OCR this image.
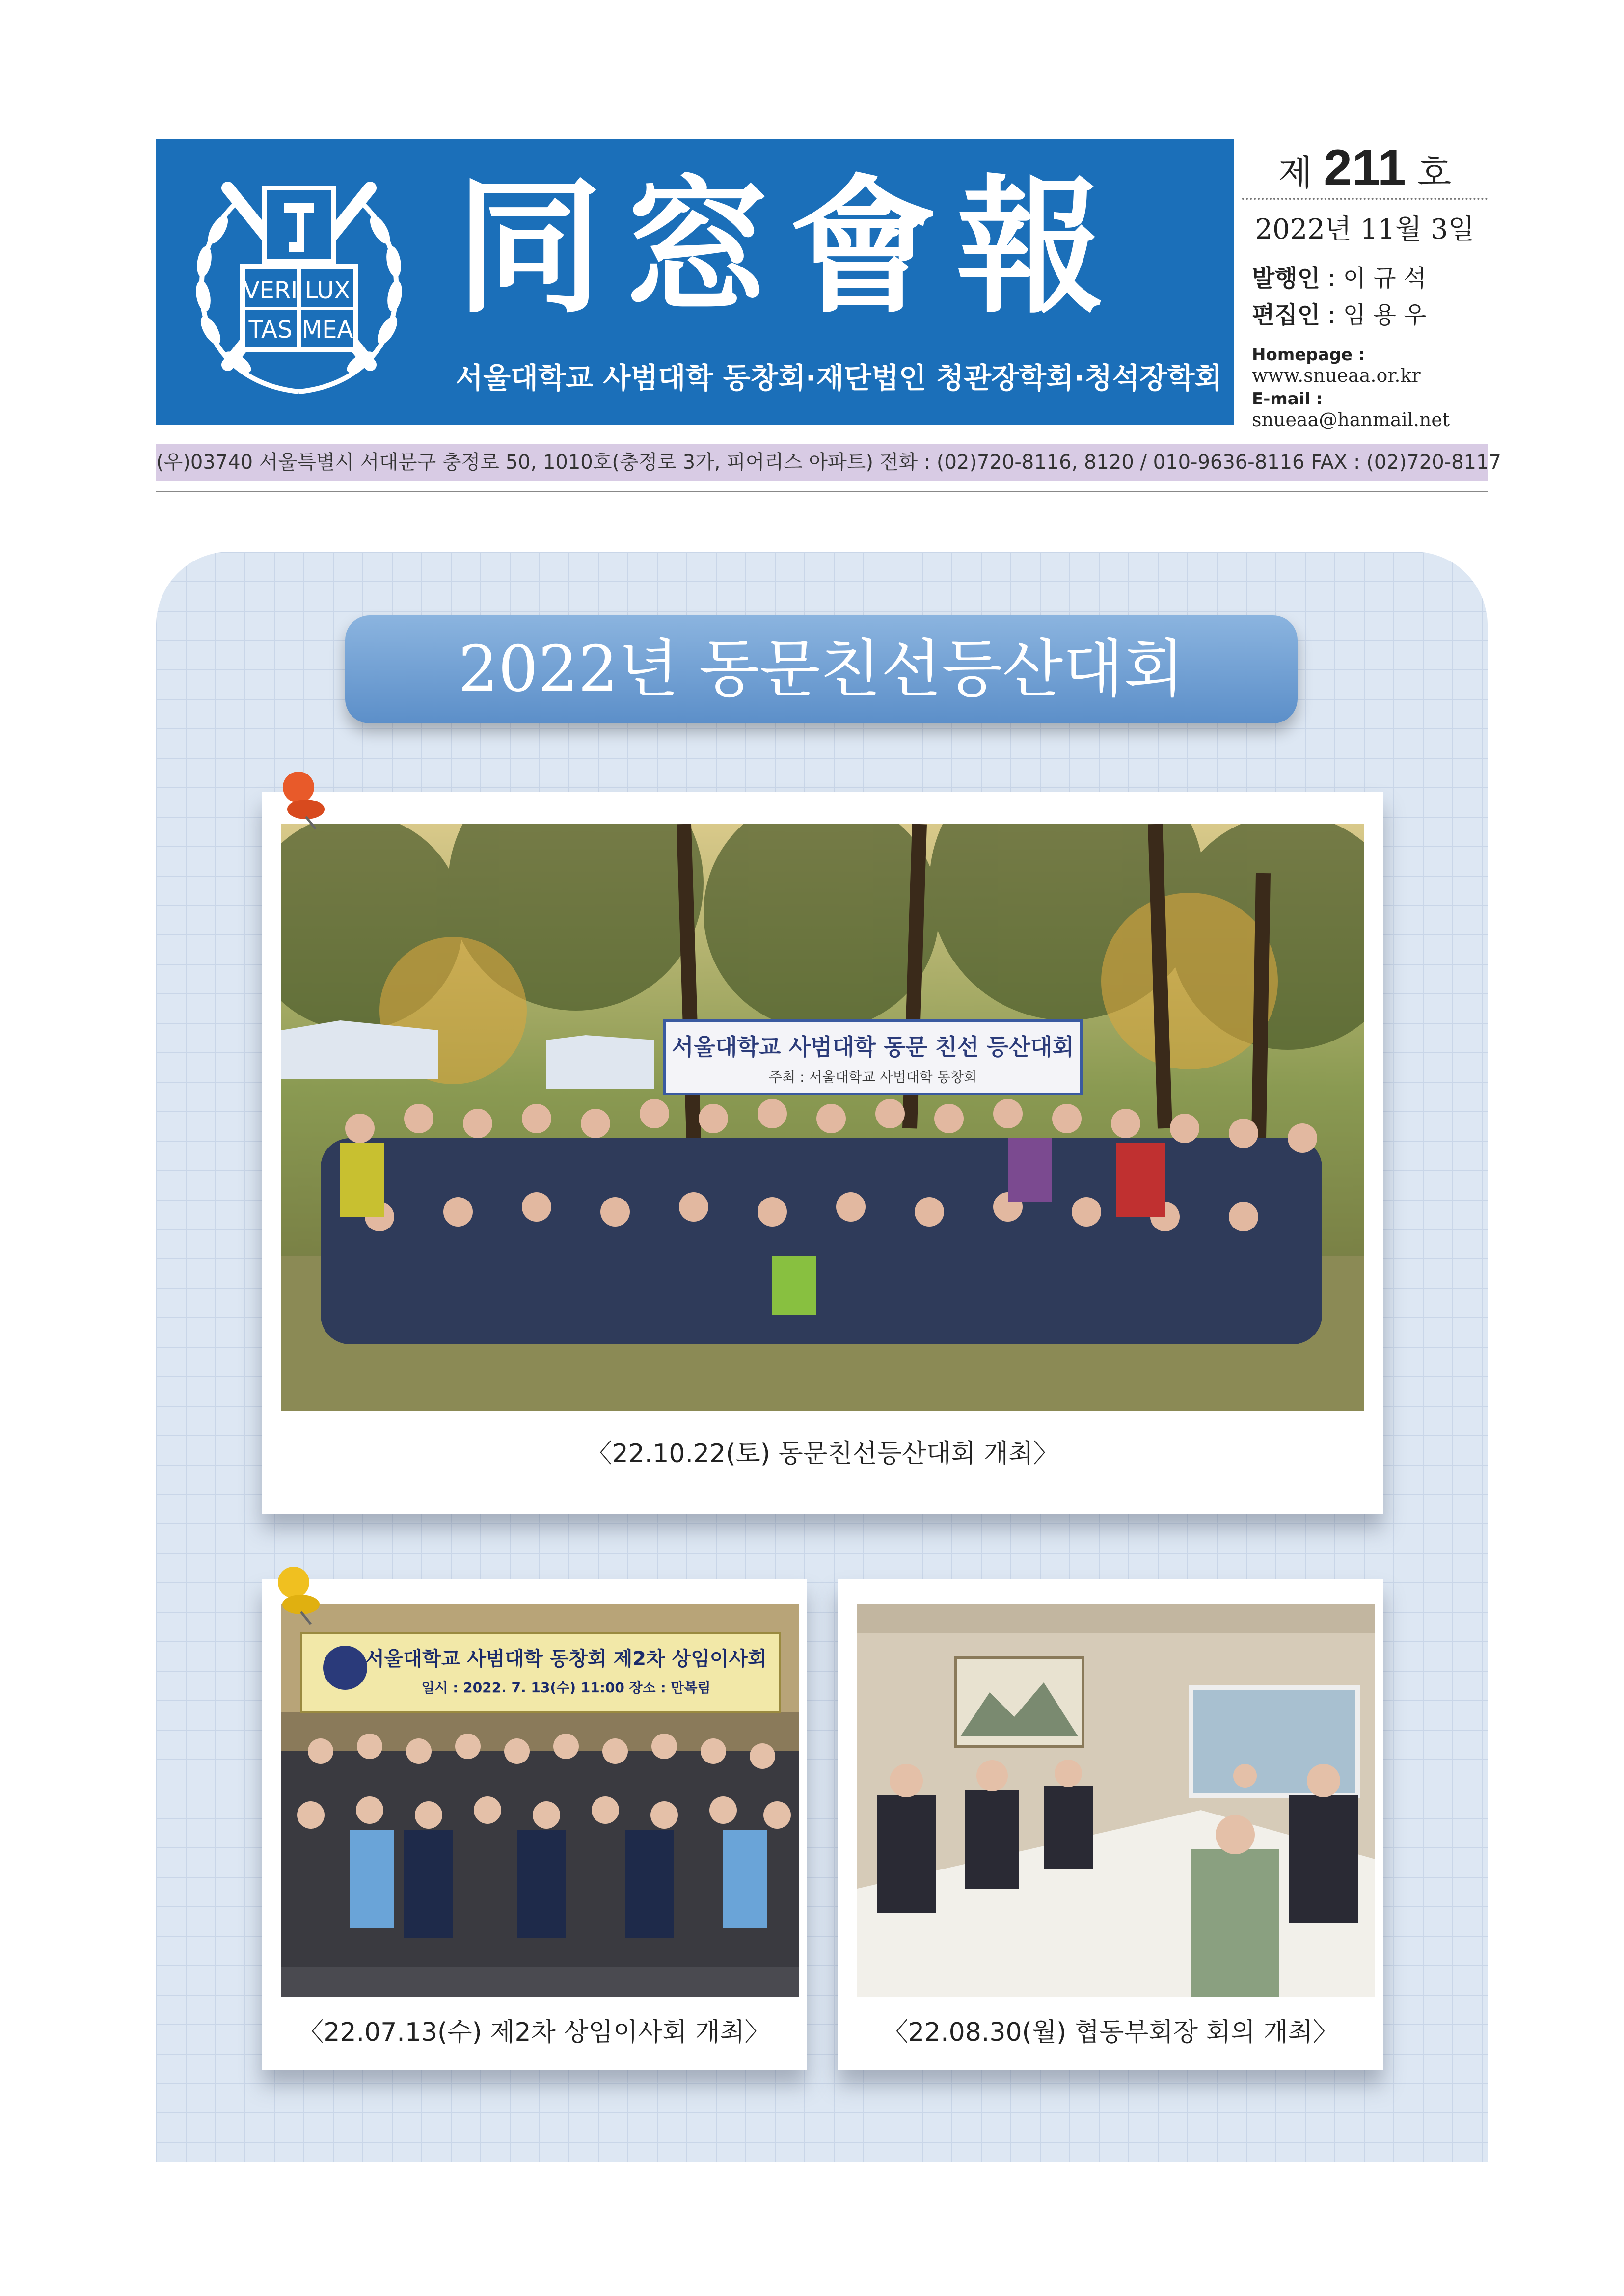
VERI LUX
TAS MEA 同窓會報
서울대학교 사범대학 동창회·재단법인 청관장학회·청석장학회
제 211 호
2022년 11월 3일
발행인 : 이 규 석
편집인 : 임 용 우
Homepage :
www.snueaa.or.kr
E-mail :
snueaa@hanmail.net
(우)03740 서울특별시 서대문구 충정로 50, 1010호(충정로 3가, 피어리스 아파트) 전화 : (02)720-8116, 8120 / 010-9636-8116 FAX : (02)720-8117
2022년 동문친선등산대회
서울대학교 사범대학 동문 친선 등산대회
주최 : 서울대학교 사범대학 동창회
〈22.10.22(토) 동문친선등산대회 개최〉
서울대학교 사범대학 동창회 제2차 상임이사회
일시 : 2022. 7. 13(수) 11:00 장소 : 만복림
〈22.07.13(수) 제2차 상임이사회 개최〉	〈22.08.30(월) 협동부회장 회의 개최〉
